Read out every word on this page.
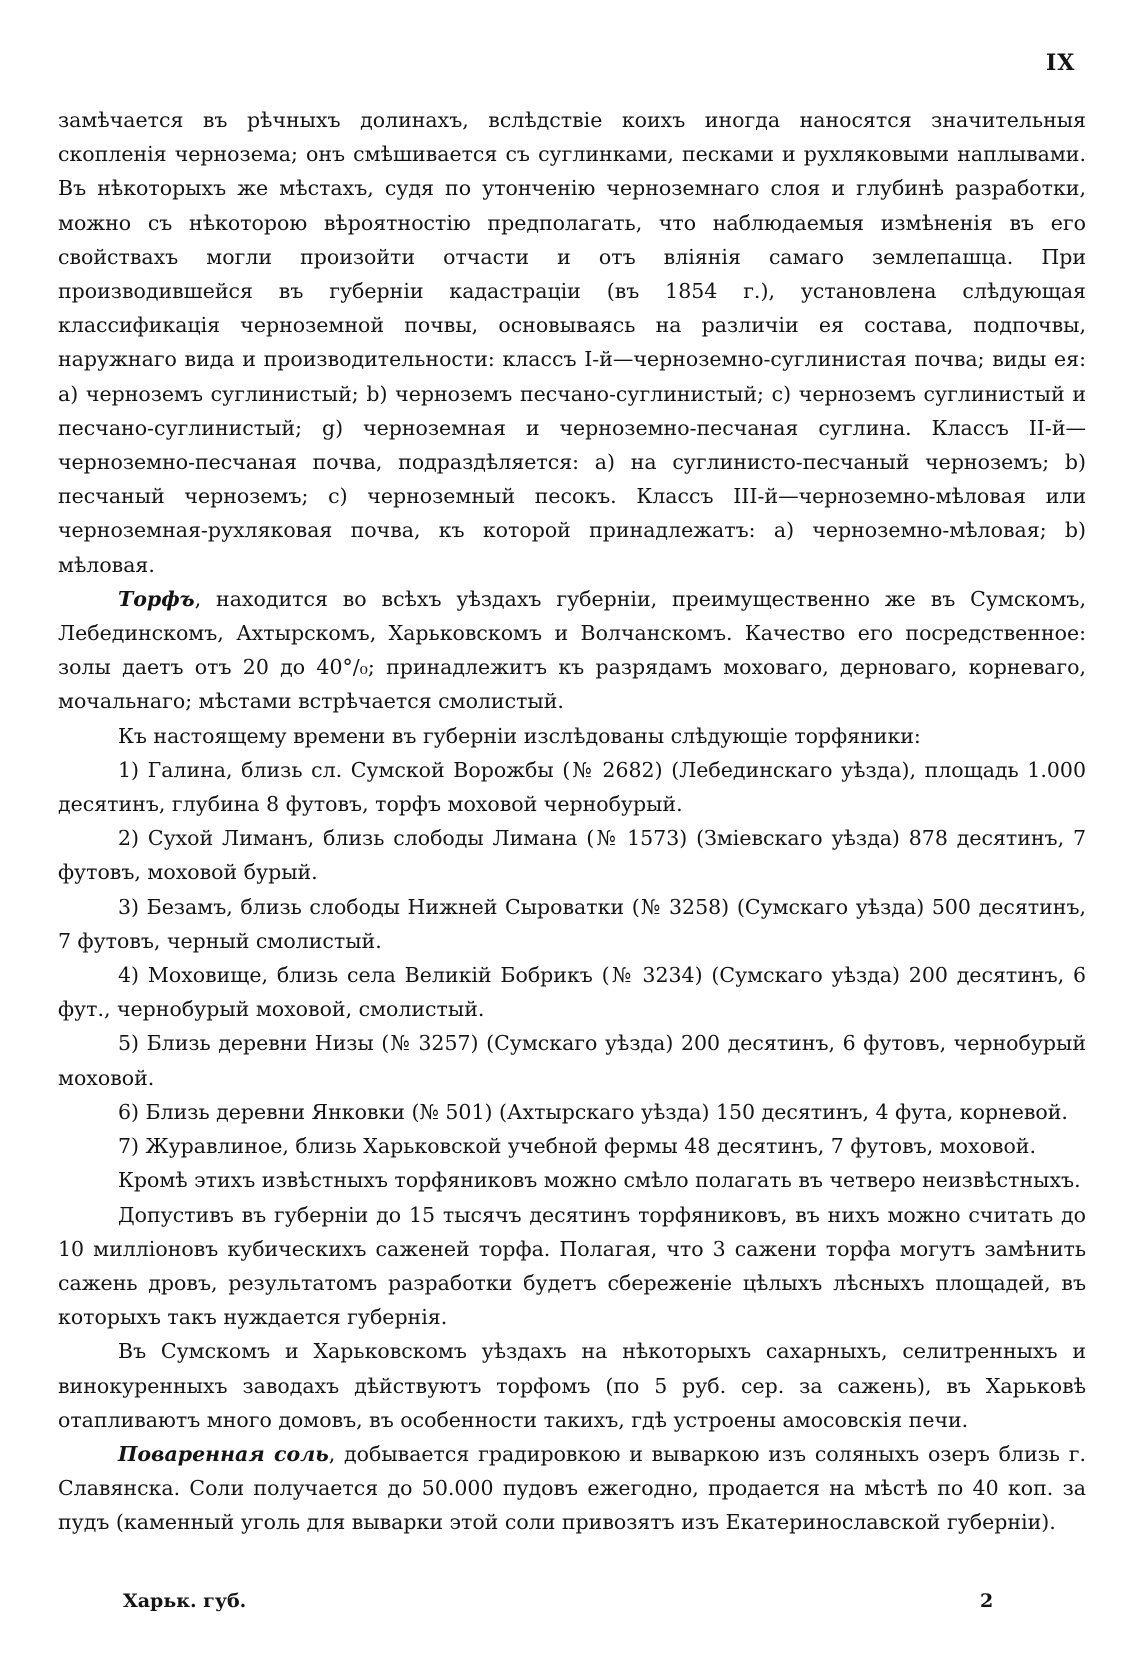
IX

замѣчается въ рѣчныхъ долинахъ, вслѣдствіе коихъ иногда наносятся значительныя скопленія чернозема; онъ смѣшивается съ суглинками, песками и рухляковыми наплывами. Въ нѣкоторыхъ же мѣстахъ, судя по утонченію черноземнаго слоя и глубинѣ разработки, можно съ нѣкоторою вѣроятностію предполагать, что наблюдаемыя измѣненія въ его свойствахъ могли произойти отчасти и отъ вліянія самаго землепашца. При производившейся въ губерніи кадастраціи (въ 1854 г.), установлена слѣдующая классификація черноземной почвы, основываясь на различіи ея состава, подпочвы, наружнаго вида и производительности: классъ I-й—черноземно-суглинистая почва; виды ея: a) черноземъ суглинистый; b) черноземъ песчано-суглинистый; c) черноземъ суглинистый и песчано-суглинистый; g) черноземная и черноземно-песчаная суглина. Классъ II-й—черноземно-песчаная почва, подраздѣляется: a) на суглинисто-песчаный черноземъ; b) песчаный черноземъ; c) черноземный песокъ. Классъ III-й—черноземно-мѣловая или черноземная-рухляковая почва, къ которой принадлежатъ: a) черноземно-мѣловая; b) мѣловая.

Торфъ, находится во всѣхъ уѣздахъ губерніи, преимущественно же въ Сумскомъ, Лебединскомъ, Ахтырскомъ, Харьковскомъ и Волчанскомъ. Качество его посредственное: золы даетъ отъ 20 до 40°/₀; принадлежитъ къ разрядамъ моховаго, дерноваго, корневаго, мочальнаго; мѣстами встрѣчается смолистый.

Къ настоящему времени въ губерніи изслѣдованы слѣдующіе торфяники:

1) Галина, близь сл. Сумской Ворожбы (№ 2682) (Лебединскаго уѣзда), площадь 1.000 десятинъ, глубина 8 футовъ, торфъ моховой чернобурый.

2) Сухой Лиманъ, близь слободы Лимана (№ 1573) (Зміевскаго уѣзда) 878 десятинъ, 7 футовъ, моховой бурый.

3) Безамъ, близь слободы Нижней Сыроватки (№ 3258) (Сумскаго уѣзда) 500 десятинъ, 7 футовъ, черный смолистый.

4) Моховище, близь села Великій Бобрикъ (№ 3234) (Сумскаго уѣзда) 200 десятинъ, 6 фут., чернобурый моховой, смолистый.

5) Близь деревни Низы (№ 3257) (Сумскаго уѣзда) 200 десятинъ, 6 футовъ, чернобурый моховой.

6) Близь деревни Янковки (№ 501) (Ахтырскаго уѣзда) 150 десятинъ, 4 фута, корневой.

7) Журавлиное, близь Харьковской учебной фермы 48 десятинъ, 7 футовъ, моховой.

Кромѣ этихъ извѣстныхъ торфяниковъ можно смѣло полагать въ четверо неизвѣстныхъ.

Допустивъ въ губерніи до 15 тысячъ десятинъ торфяниковъ, въ нихъ можно считать до 10 милліоновъ кубическихъ саженей торфа. Полагая, что 3 сажени торфа могутъ замѣнить сажень дровъ, результатомъ разработки будетъ сбереженіе цѣлыхъ лѣсныхъ площадей, въ которыхъ такъ нуждается губернія.

Въ Сумскомъ и Харьковскомъ уѣздахъ на нѣкоторыхъ сахарныхъ, селитренныхъ и винокуренныхъ заводахъ дѣйствуютъ торфомъ (по 5 руб. сер. за сажень), въ Харьковѣ отапливаютъ много домовъ, въ особенности такихъ, гдѣ устроены амосовскія печи.

Поваренная соль, добывается градировкою и вываркою изъ соляныхъ озеръ близь г. Славянска. Соли получается до 50.000 пудовъ ежегодно, продается на мѣстѣ по 40 коп. за пудъ (каменный уголь для выварки этой соли привозятъ изъ Екатеринославской губерніи).

Харьк. губ.	2
